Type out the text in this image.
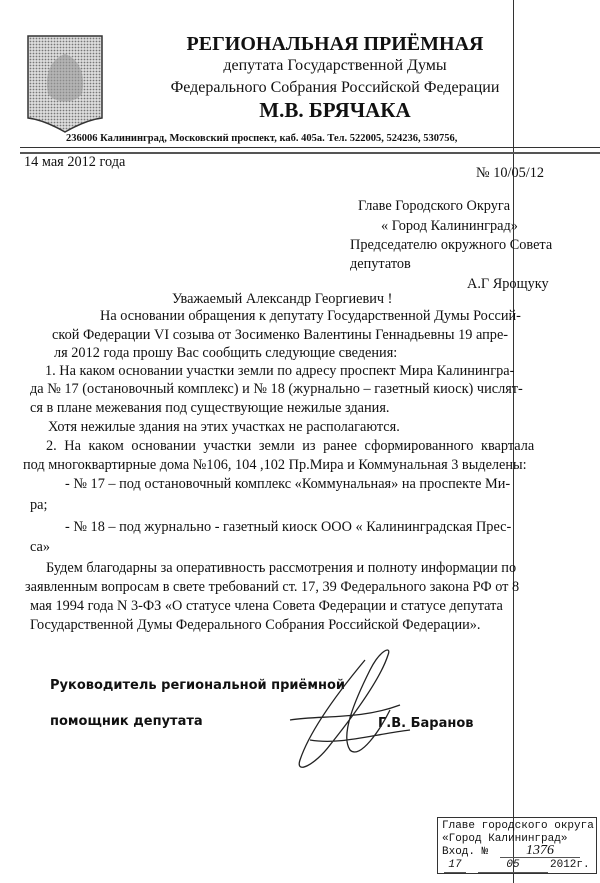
РЕГИОНАЛЬНАЯ ПРИЁМНАЯ
депутата Государственной Думы
Федерального Собрания Российской Федерации
М.В. БРЯЧАКА
236006 Калининград, Московский проспект, каб. 405а. Тел. 522005, 524236, 530756,
14 мая 2012 года
№ 10/05/12
Главе Городского Округа
« Город Калининград»
Председателю окружного Совета
депутатов
А.Г Ярощуку
Уважаемый Александр Георгиевич !
На основании обращения к депутату Государственной Думы Россий-
ской Федерации VI созыва от Зосименко Валентины Геннадьевны 19 апре-
ля 2012 года прошу Вас сообщить следующие сведения:
1. На каком основании участки земли по адресу проспект Мира Калинингра-
да № 17 (остановочный комплекс) и № 18 (журнально – газетный киоск) числят-
ся в плане межевания под существующие нежилые здания.
Хотя нежилые здания на этих участках не располагаются.
2. На каком основании участки земли из ранее сформированного квартала
под многоквартирные дома №106, 104 ,102 Пр.Мира и Коммунальная 3 выделены:
- № 17 – под остановочный комплекс «Коммунальная» на проспекте Ми-
ра;
- № 18 – под журнально - газетный киоск ООО « Калининградская Прес-
са»
Будем благодарны за оперативность рассмотрения и полноту информации по
заявленным вопросам в свете требований ст. 17, 39 Федерального закона РФ от 8
мая 1994 года N 3-ФЗ «О статусе члена Совета Федерации и статусе депутата
Государственной Думы Федерального Собрания Российской Федерации».
Руководитель региональной приёмной
помощник депутата	Г.В. Баранов
Главе городского округа
«Город Калининград»
Вход. №	1376
17	05	2012г.
